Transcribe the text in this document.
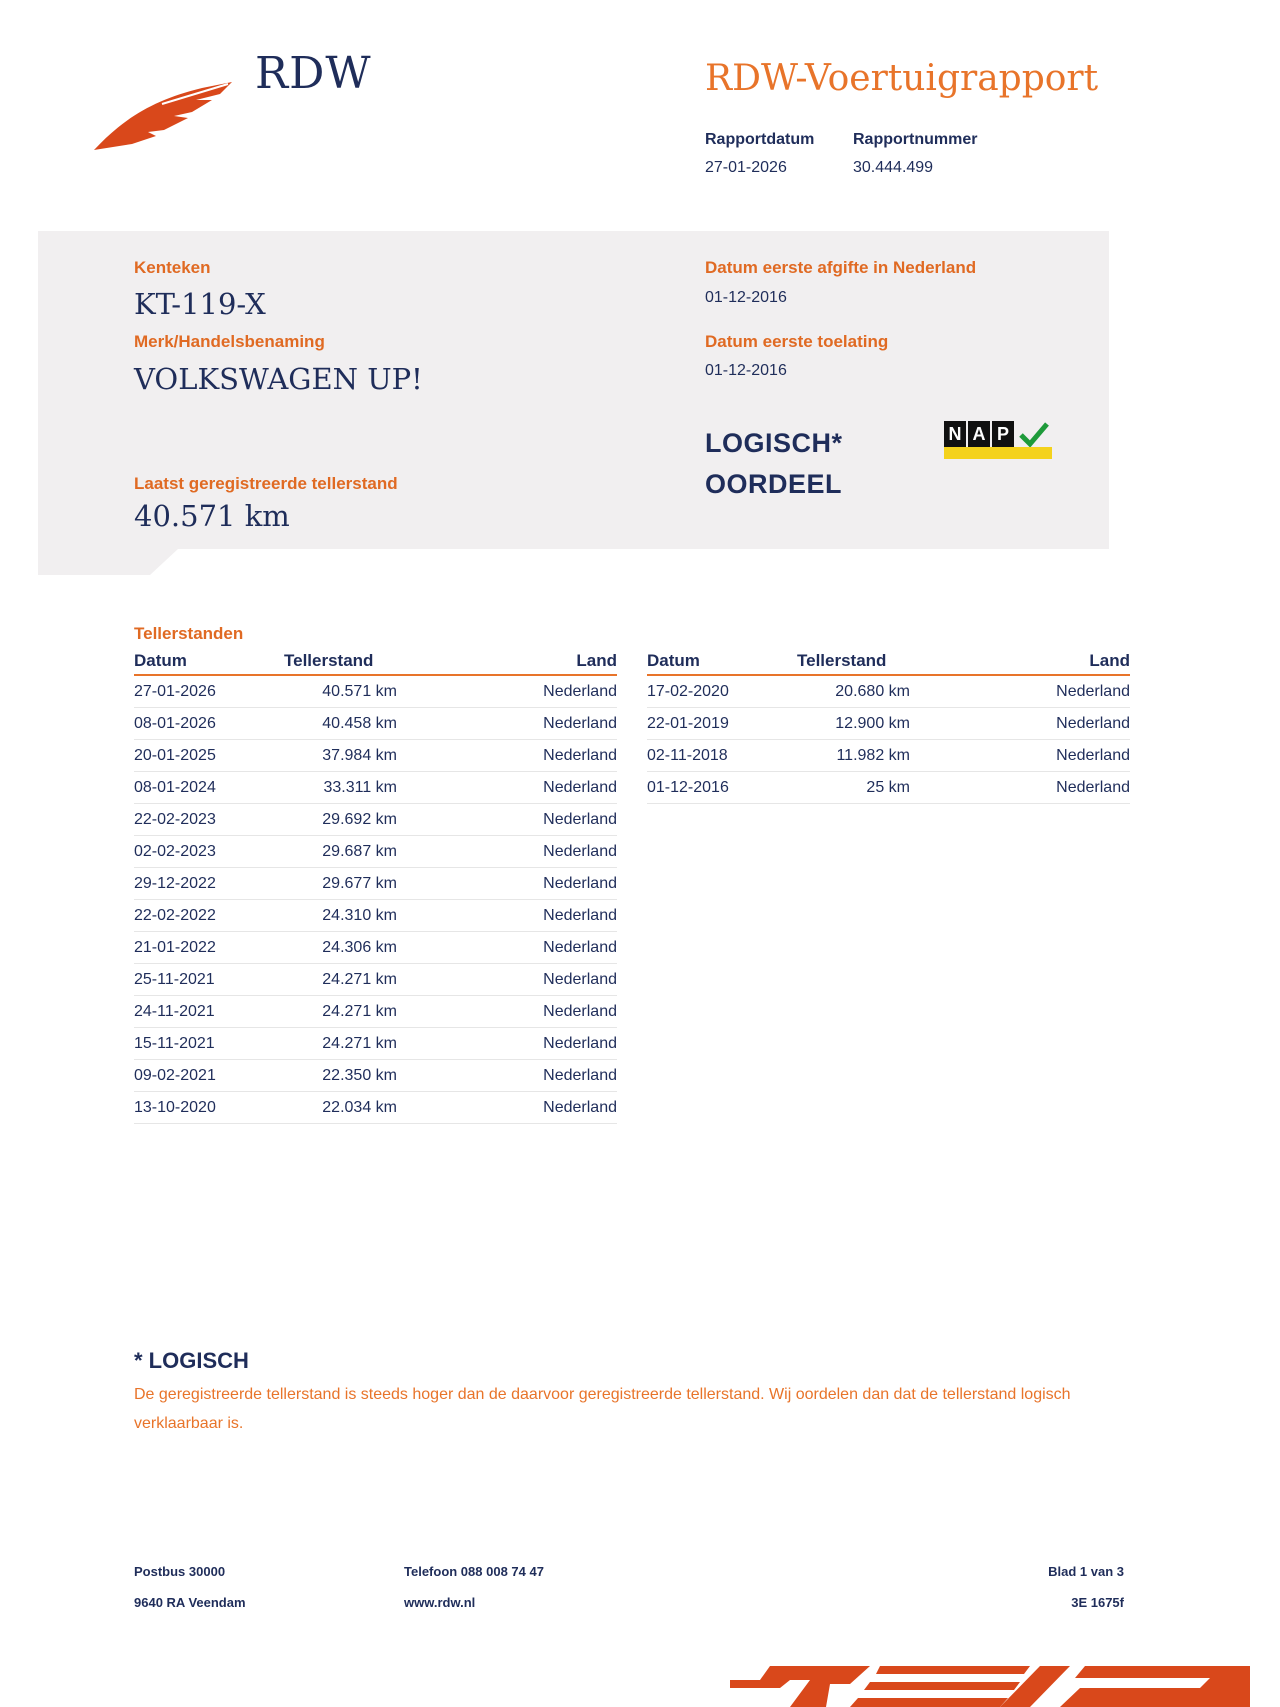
RDW	RDW-Voertuigrapport
Rapportdatum
27-01-2026
Rapportnummer
30.444.499
Kenteken
KT-119-X
Merk/Handelsbenaming
VOLKSWAGEN UP!
Laatst geregistreerde tellerstand
40.571 km
Datum eerste afgifte in Nederland
01-12-2016
Datum eerste toelating
01-12-2016
LOGISCH*
OORDEEL
N A P
Tellerstanden
Datum	Tellerstand	Land
27-01-2026	40.571 km	Nederland
08-01-2026	40.458 km	Nederland
20-01-2025	37.984 km	Nederland
08-01-2024	33.311 km	Nederland
22-02-2023	29.692 km	Nederland
02-02-2023	29.687 km	Nederland
29-12-2022	29.677 km	Nederland
22-02-2022	24.310 km	Nederland
21-01-2022	24.306 km	Nederland
25-11-2021	24.271 km	Nederland
24-11-2021	24.271 km	Nederland
15-11-2021	24.271 km	Nederland
09-02-2021	22.350 km	Nederland
13-10-2020	22.034 km	Nederland
Datum	Tellerstand	Land
17-02-2020	20.680 km	Nederland
22-01-2019	12.900 km	Nederland
02-11-2018	11.982 km	Nederland
01-12-2016	25 km	Nederland
* LOGISCH
De geregistreerde tellerstand is steeds hoger dan de daarvoor geregistreerde tellerstand. Wij oordelen dan dat de tellerstand logisch verklaarbaar is.
Postbus 30000
9640 RA Veendam
Telefoon 088 008 74 47
www.rdw.nl
Blad 1 van 3
3E 1675f
